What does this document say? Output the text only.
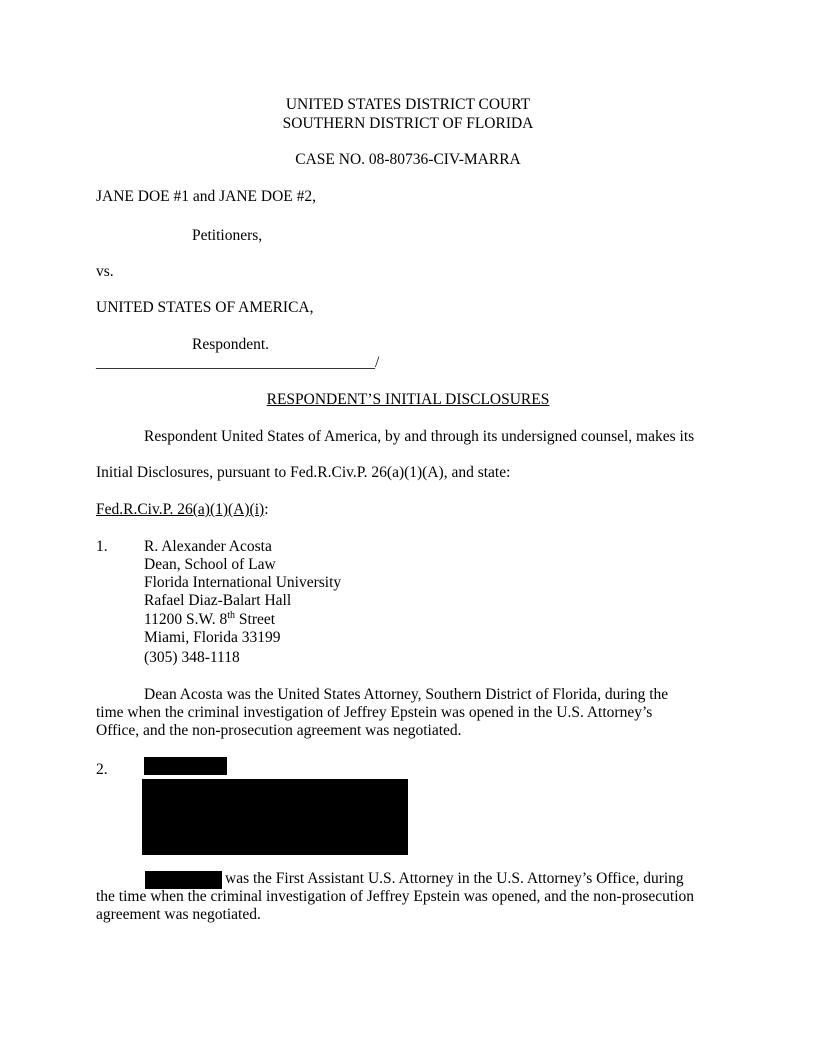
UNITED STATES DISTRICT COURT
SOUTHERN DISTRICT OF FLORIDA
CASE NO. 08-80736-CIV-MARRA
JANE DOE #1 and JANE DOE #2,
Petitioners,
vs.
UNITED STATES OF AMERICA,
Respondent.
____________________________________/
RESPONDENT’S INITIAL DISCLOSURES
Respondent United States of America, by and through its undersigned counsel, makes its
Initial Disclosures, pursuant to Fed.R.Civ.P. 26(a)(1)(A), and state:
Fed.R.Civ.P. 26(a)(1)(A)(i):
1. R. Alexander Acosta
Dean, School of Law
Florida International University
Rafael Diaz-Balart Hall
11200 S.W. 8th Street
Miami, Florida 33199
(305) 348-1118
Dean Acosta was the United States Attorney, Southern District of Florida, during the
time when the criminal investigation of Jeffrey Epstein was opened in the U.S. Attorney’s
Office, and the non-prosecution agreement was negotiated.
2.
was the First Assistant U.S. Attorney in the U.S. Attorney’s Office, during
the time when the criminal investigation of Jeffrey Epstein was opened, and the non-prosecution
agreement was negotiated.
